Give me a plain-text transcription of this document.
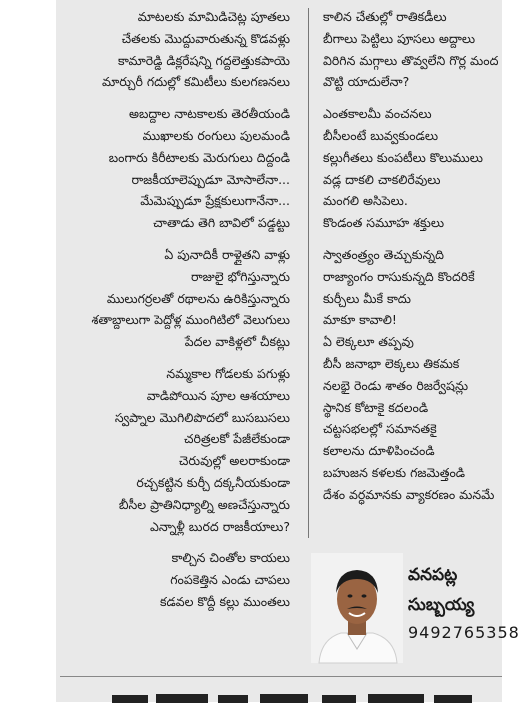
మాటలకు మామిడిచెట్ల పూతలు
చేతలకు మొద్దువారుతున్న కొడవళ్లు
కామారెడ్డి డిక్లరేషన్ని గద్దలెత్తుకపాయె
మార్చురీ గదుల్లో కమిటీలు కులగణనలు
అబద్దాల నాటకాలకు తెరతీయండి
ముఖాలకు రంగులు పులమండి
బంగారు కిరీటాలకు మెరుగులు దిద్దండి
రాజకీయాలెప్పుడూ మోసాలేనా...
మేమెప్పుడూ ప్రేక్షకులుగానేనా...
చాతాడు తెగి బావిలో పడ్డట్టు
ఏ పునాదికీ రాళ్లైతని వాళ్లు
రాజులై భోగిస్తున్నారు
ములుగర్రలతో రథాలను ఉరికిస్తున్నారు
శతాబ్దాలుగా పెద్దోళ్ల ముంగిటిలో వెలుగులు
పేదల వాకిళ్లలో చీకట్లు
నమ్మకాల గోడలకు పగుళ్లు
వాడిపోయిన పూల ఆశయాలు
స్వప్నాల మొగిలిపొదలో బుసబుసలు
చరిత్రలకో పేజీలేకుండా
చెరువుల్లో అలరాకుండా
రచ్చకట్టిన కుర్చీ దక్కనీయకుండా
బీసీల ప్రాతినిధ్యాల్ని అణచేస్తున్నారు
ఎన్నాళ్లీ బురద రాజకీయాలు?
కాల్చిన చింతోల కాయలు
గంపకెత్తిన ఎండు చాపలు
కడవల కొద్దీ కల్లు ముంతలు
కాలిన చేతుల్లో రాతికడీలు
బీగాలు పెట్టిలు పూసలు అద్దాలు
విరిగిన మగ్గాలు తొవ్వలేని గొర్ల మంద
వొట్టి యాదులేనా?
ఎంతకాలమీ వంచనలు
బీసీలంటే బువ్వకుండలు
కల్లుగీతలు కుంపటీలు కొలుములు
వడ్ల దాకలి చాకలిరేవులు
మంగలి అసిపెలు.
కొండంత సమూహ శక్తులు
స్వాతంత్ర్యం తెచ్చుకున్నది
రాజ్యాంగం రాసుకున్నది కొందరికే
కుర్చీలు మీకే కాదు
మాకూ కావాలి!
ఏ లెక్కలూ తప్పవు
బీసీ జనాభా లెక్కలు తికమక
నలభై రెండు శాతం రిజర్వేషన్లు
స్థానిక కోటాకై కదలండి
చట్టసభలల్లో సమానతకై
కలాలను దూళిపించండి
బహుజన కళలకు గజమెత్తండి
దేశం వర్ధమానకు వ్యాకరణం మనమే
వనపట్ల
సుబ్బయ్య
9492765358
